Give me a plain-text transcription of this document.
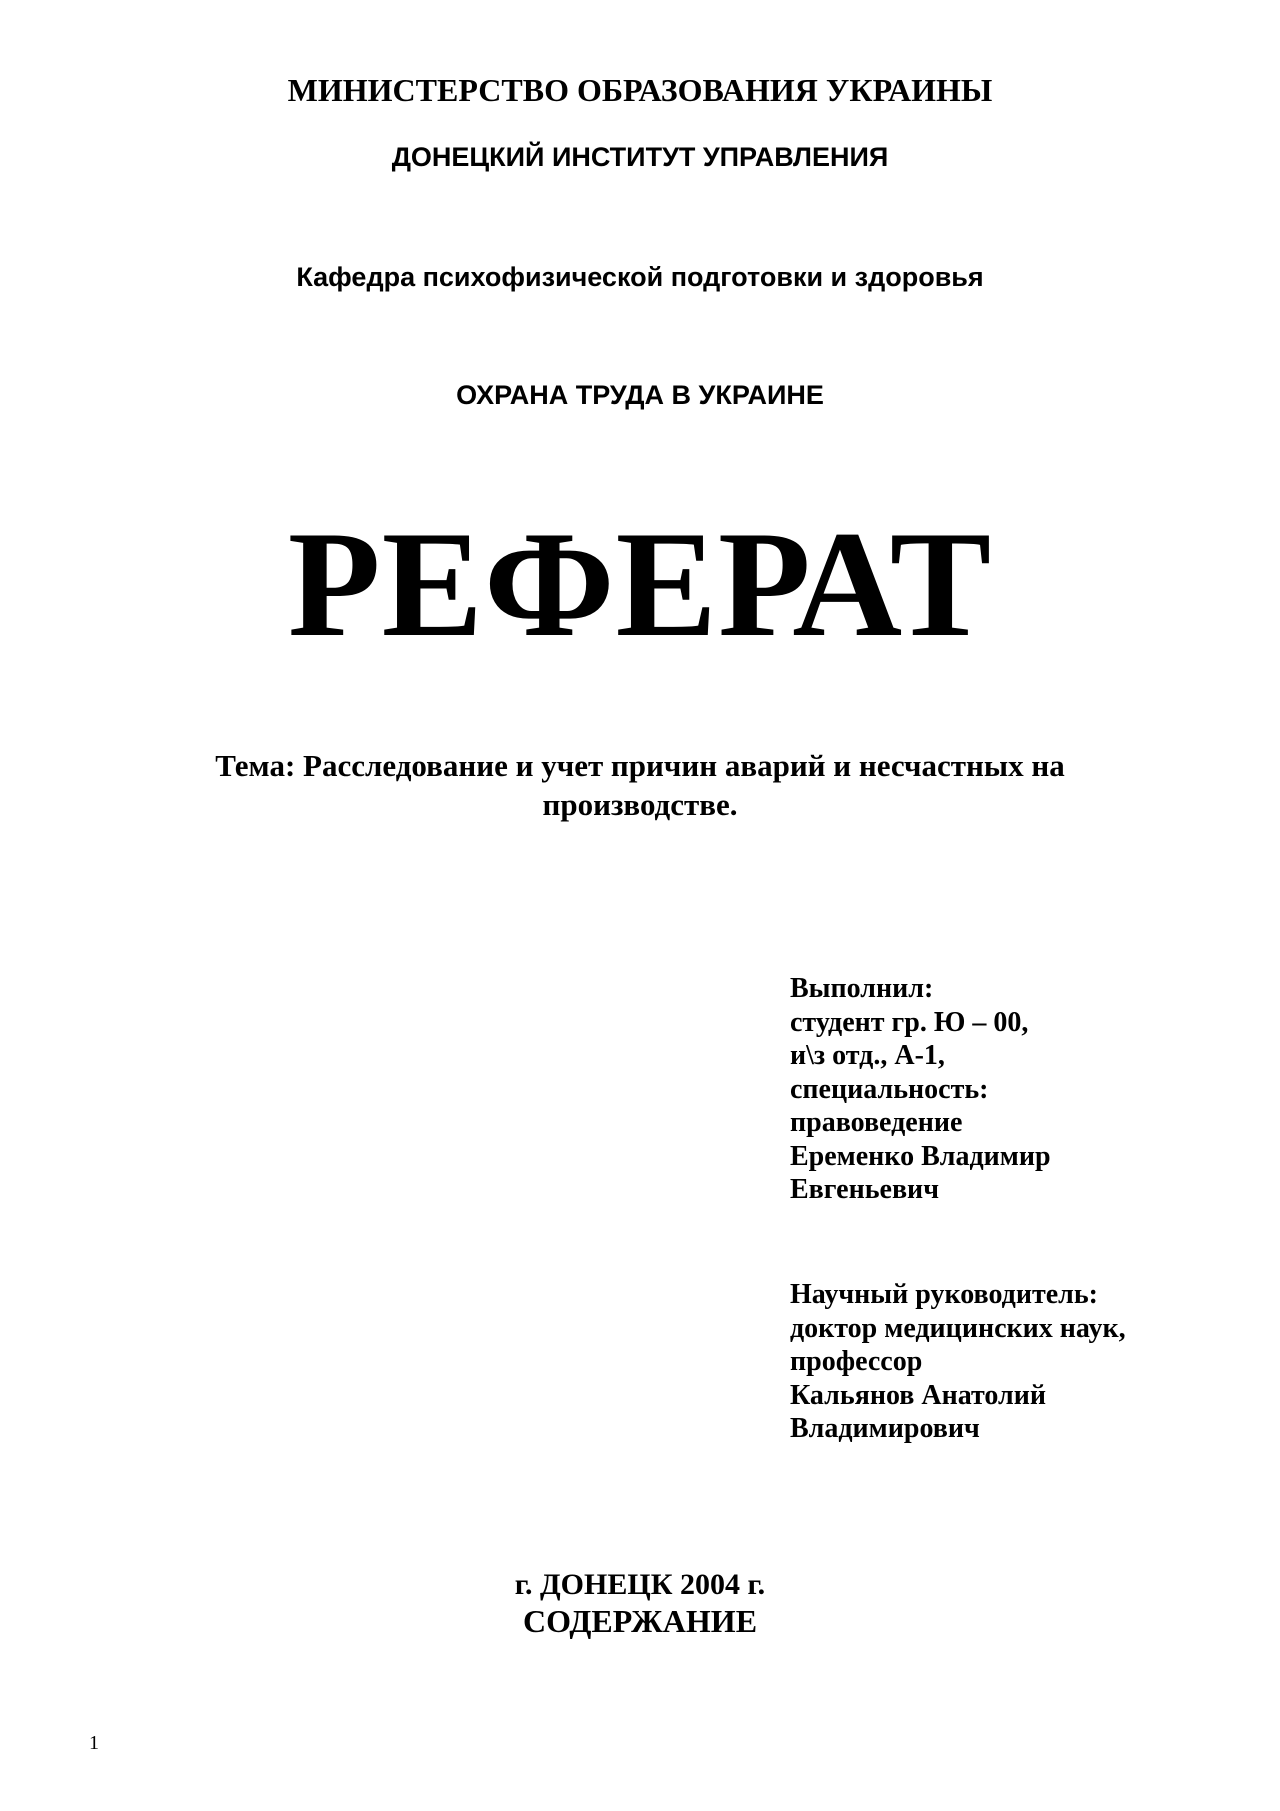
МИНИСТЕРСТВО ОБРАЗОВАНИЯ УКРАИНЫ
ДОНЕЦКИЙ ИНСТИТУТ УПРАВЛЕНИЯ
Кафедра психофизической подготовки и здоровья
ОХРАНА ТРУДА В УКРАИНЕ
РЕФЕРАТ
Тема: Расследование и учет причин аварий и несчастных на
производстве.
Выполнил:
студент гр. Ю – 00,
и\з отд., А-1,
специальность:
правоведение
Еременко Владимир
Евгеньевич
Научный руководитель:
доктор медицинских наук,
профессор
Кальянов Анатолий
Владимирович
г. ДОНЕЦК 2004 г.
СОДЕРЖАНИЕ
1
